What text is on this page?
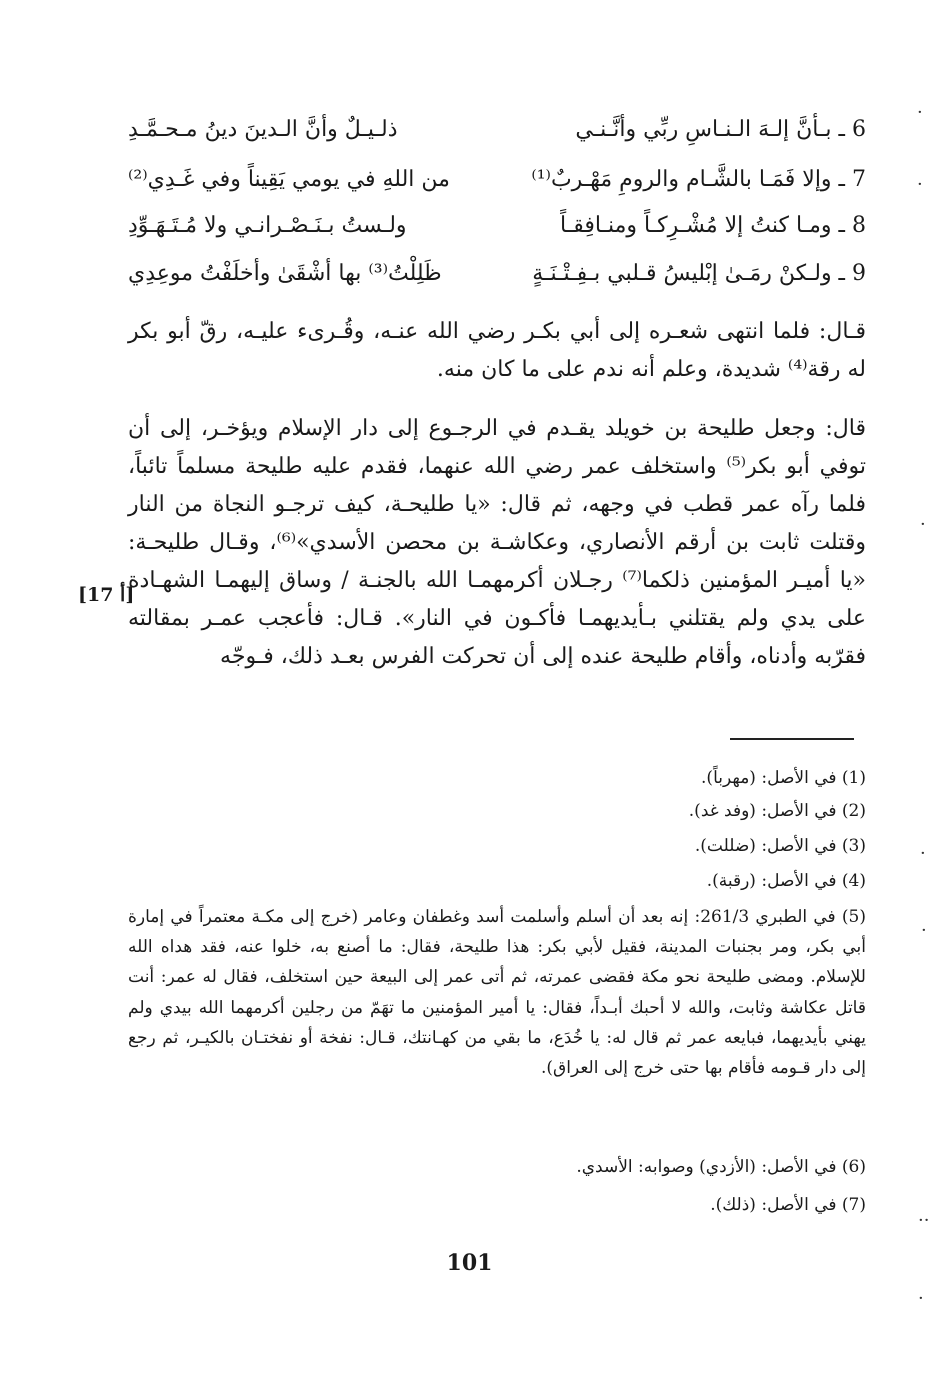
6 ـ بـأنَّ إلـهَ الـنـاسِ ربِّي وأنَّـنـي
ذلـيـلٌ وأنَّ الـدينَ دينُ مـحـمَّـدِ
7 ـ وإلا فَمَـا بالشَّـام والرومِ مَهْـربٌ⁽¹⁾
من اللهِ في يومي يَقِيناً وفي غَـدِي⁽²⁾
8 ـ ومـا كنتُ إلا مُشْـرِكـاً ومنـافِقـاً
ولـستُ بـنَـصْـرانـي ولا مُـتَـهَـوِّدِ
9 ـ ولـكنْ رمَـىٰ إبْليسُ قـلبي بـفِـتْـنَـةٍ
ظَلِلْتُ⁽³⁾ بها أشْقَىٰ وأخلَفْتُ موعِدِي

قـال: فلما انتهى شعـره إلى أبي بكـر رضي الله عنـه، وقُـرىء عليـه، رقّ أبو بكر له رقة⁽⁴⁾ شديدة، وعلم أنه ندم على ما كان منه.

قال: وجعل طليحة بن خويلد يقـدم في الرجـوع إلى دار الإسلام ويؤخـر، إلى أن توفي أبو بكر⁽⁵⁾ واستخلف عمر رضي الله عنهما، فقدم عليه طليحة مسلماً تائباً، فلما رآه عمر قطب في وجهه، ثم قال: «يا طليحـة، كيف ترجـو النجاة من النار وقتلت ثابت بن أرقم الأنصاري، وعكاشـة بن محصن الأسدي»⁽⁶⁾، وقـال طليحـة: «يا أميـر المؤمنين ذلكما⁽⁷⁾ رجـلان أكرمهمـا الله بالجنـة / وساق إليهمـا الشهـادة على يدي ولم يقتلني بـأيديهمـا فأكـون في النار». قـال: فأعجب عمـر بمقالته فقرّبه وأدناه، وأقام طليحة عنده إلى أن تحركت الفرس بعـد ذلك، فـوجّه

[17 أ]

(1) في الأصل: (مهرباً).

(2) في الأصل: (وفد غد).

(3) في الأصل: (ضللت).

(4) في الأصل: (رقبة).

(5) في الطبري 261/3: إنه بعد أن أسلم وأسلمت أسد وغطفان وعامر (خرج إلى مكـة معتمراً في إمارة أبي بكر، ومر بجنبات المدينة، فقيل لأبي بكر: هذا طليحة، فقال: ما أصنع به، خلوا عنه، فقد هداه الله للإسلام. ومضى طليحة نحو مكة فقضى عمرته، ثم أتى عمر إلى البيعة حين استخلف، فقال له عمر: أنت قاتل عكاشة وثابت، والله لا أحبك أبـداً، فقال: يا أمير المؤمنين ما تهَمّ من رجلين أكرمهما الله بيدي ولم يهني بأيديهما، فبايعه عمر ثم قال له: يا خُدَع، ما بقي من كهـانتك، قـال: نفخة أو نفختـان بالكيـر، ثم رجع إلى دار قـومه فأقام بها حتى خرج إلى العراق).

(6) في الأصل: (الأزدي) وصوابه: الأسدي.

(7) في الأصل: (ذلك).

101
·
·
·
·
·
··
·
